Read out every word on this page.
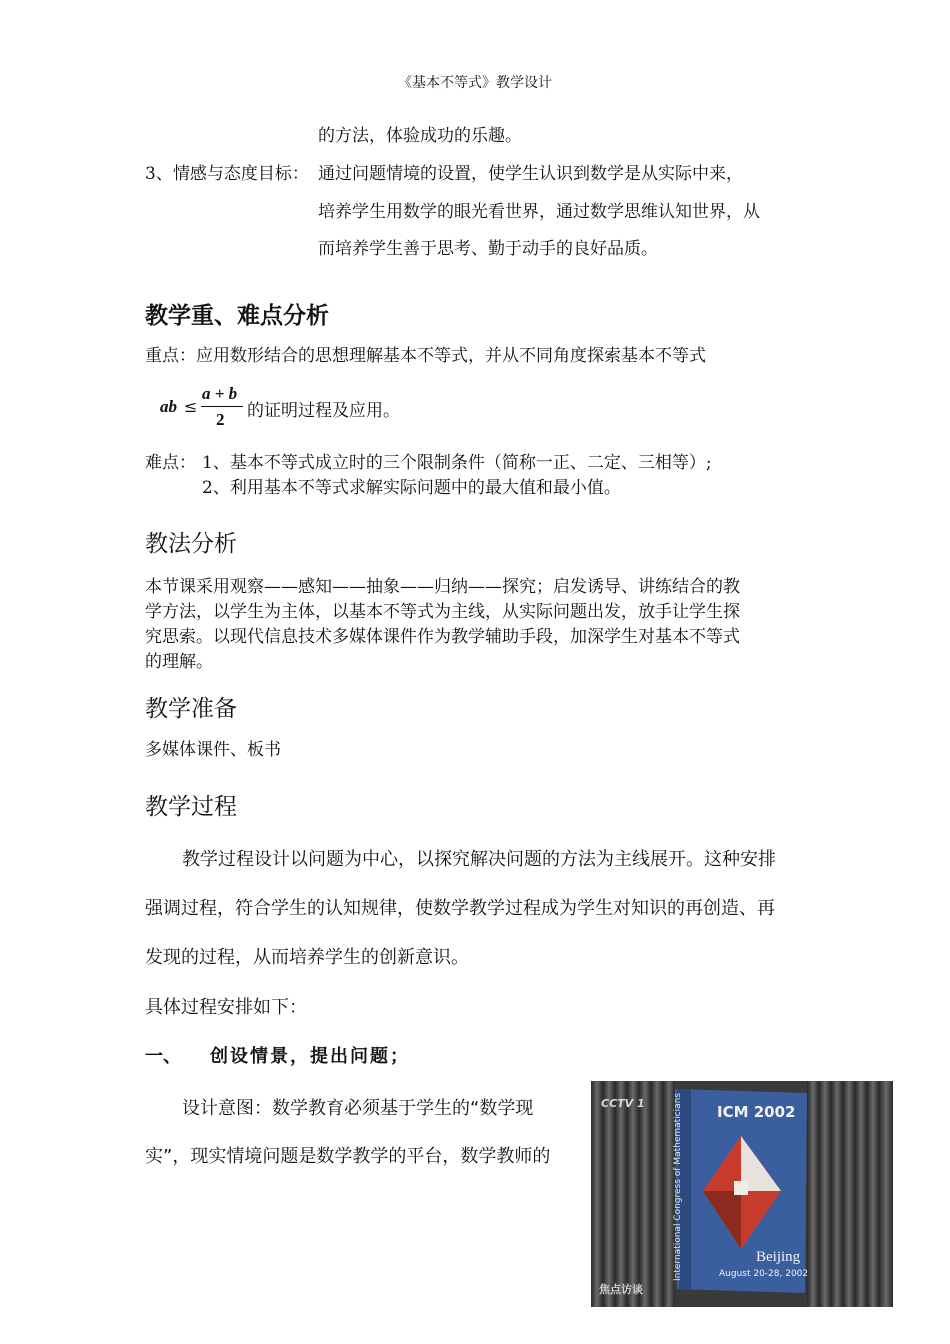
《基本不等式》教学设计
的方法，体验成功的乐趣。
3、情感与态度目标： 通过问题情境的设置，使学生认识到数学是从实际中来，
培养学生用数学的眼光看世界，通过数学思维认知世界，从
而培养学生善于思考、勤于动手的良好品质。
教学重、难点分析
重点：应用数形结合的思想理解基本不等式，并从不同角度探索基本不等式
ab ≤
a + b
2 的证明过程及应用。
难点： 1、基本不等式成立时的三个限制条件（简称一正、二定、三相等）;
2、利用基本不等式求解实际问题中的最大值和最小值。
教法分析
本节课采用观察——感知——抽象——归纳——探究；启发诱导、讲练结合的教
学方法，以学生为主体，以基本不等式为主线，从实际问题出发，放手让学生探
究思索。以现代信息技术多媒体课件作为教学辅助手段，加深学生对基本不等式
的理解。
教学准备
多媒体课件、板书
教学过程
教学过程设计以问题为中心，以探究解决问题的方法为主线展开。这种安排
强调过程，符合学生的认知规律，使数学教学过程成为学生对知识的再创造、再
发现的过程，从而培养学生的创新意识。
具体过程安排如下：
一、 创设情景，提出问题；
设计意图：数学教育必须基于学生的“数学现
实”，现实情境问题是数学教学的平台，数学教师的
ICM 2002
International Congress of Mathematicians	Beijing
August 20-28, 2002
CCTV 1
焦点访谈
